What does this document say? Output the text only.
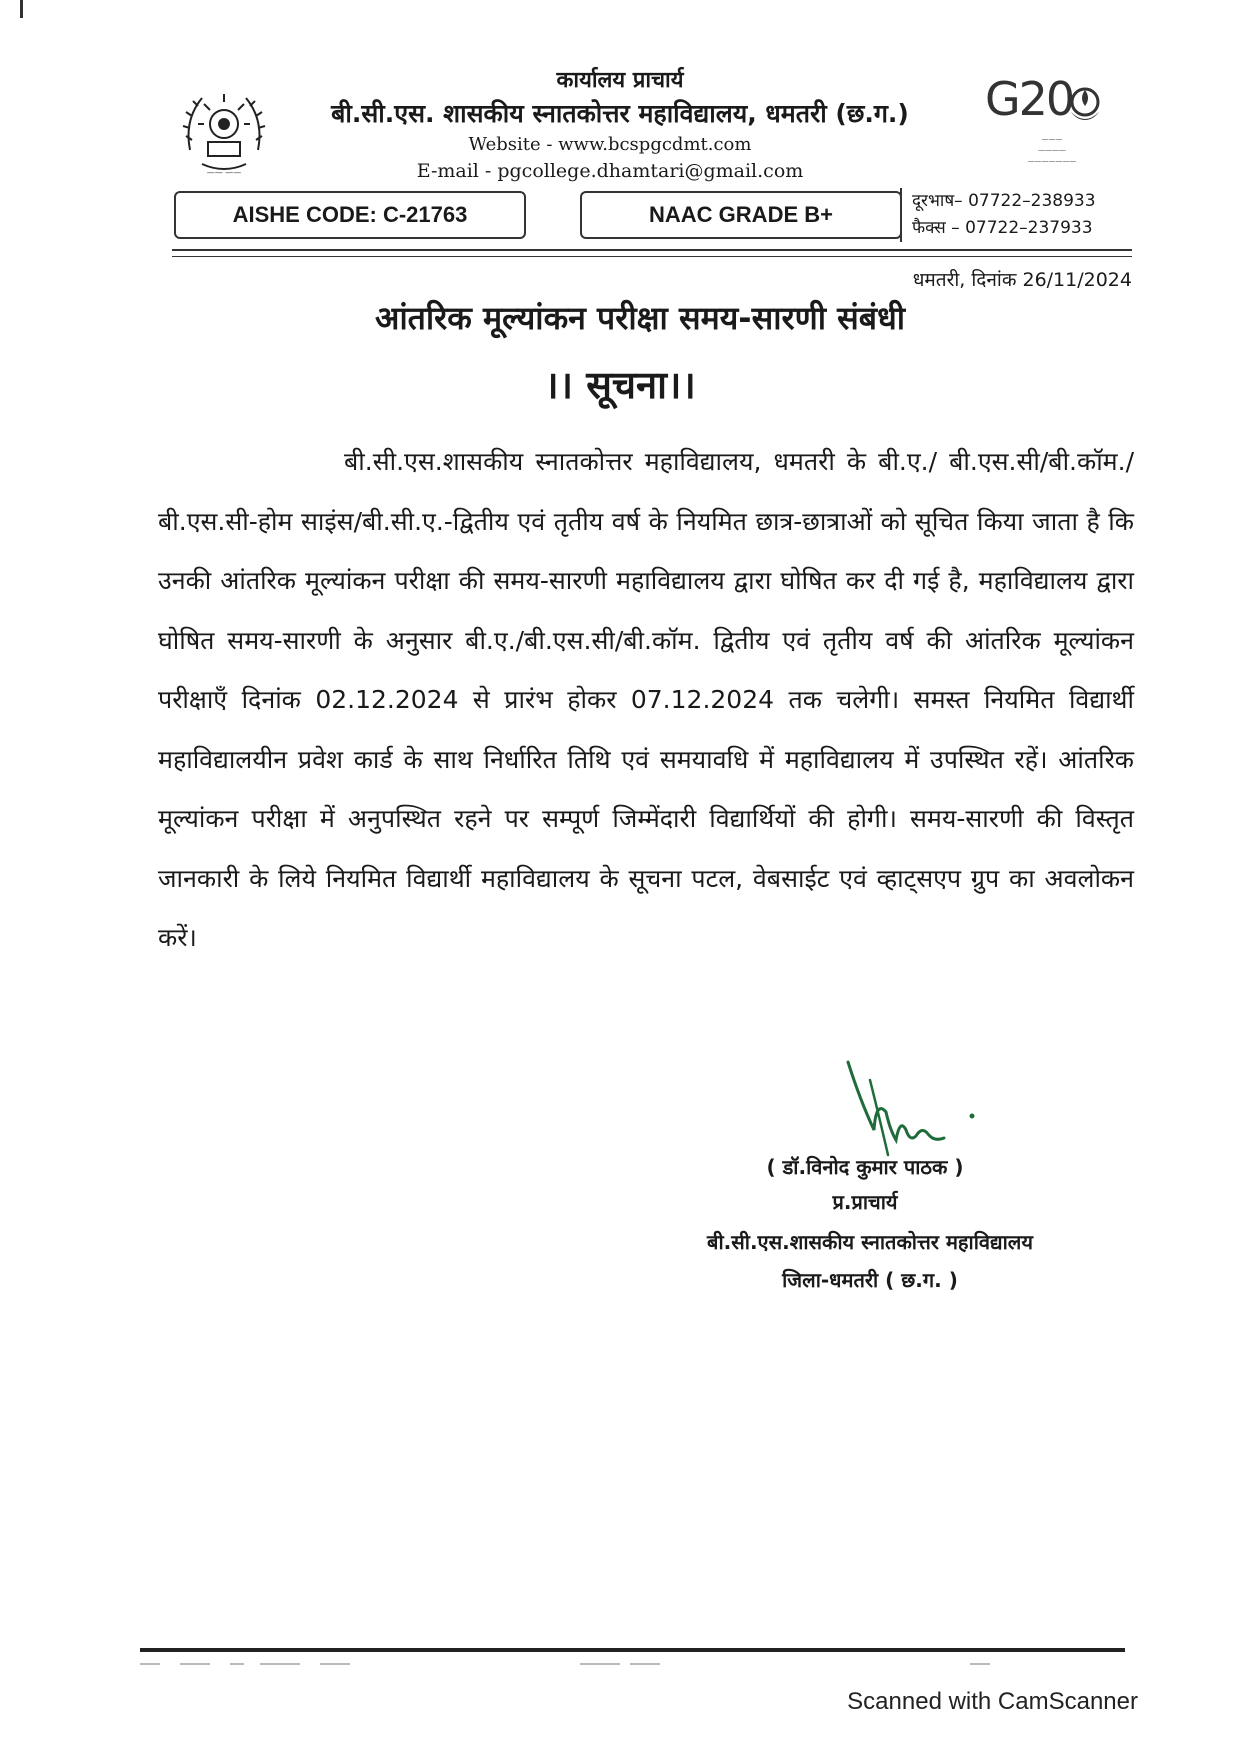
—— ——
कार्यालय प्राचार्य
बी.सी.एस. शासकीय स्नातकोत्तर महाविद्यालय, धमतरी (छ.ग.)
Website - www.bcspgcdmt.com
E-mail - pgcollege.dhamtari@gmail.com
G20
———
————
———————
AISHE CODE: C-21763	NAAC GRADE B+
दूरभाष– 07722–238933
फैक्स – 07722–237933
धमतरी, दिनांक 26/11/2024
आंतरिक मूल्यांकन परीक्षा समय-सारणी संबंधी
।। सूचना।।
बी.सी.एस.शासकीय स्नातकोत्तर महाविद्यालय, धमतरी के बी.ए./ बी.एस.सी/बी.कॉम./बी.एस.सी-होम साइंस/बी.सी.ए.-द्वितीय एवं तृतीय वर्ष के नियमित छात्र-छात्राओं को सूचित किया जाता है कि उनकी आंतरिक मूल्यांकन परीक्षा की समय-सारणी महाविद्यालय द्वारा घोषित कर दी गई है, महाविद्यालय द्वारा घोषित समय-सारणी के अनुसार बी.ए./बी.एस.सी/बी.कॉम. द्वितीय एवं तृतीय वर्ष की आंतरिक मूल्यांकन परीक्षाएँ दिनांक 02.12.2024 से प्रारंभ होकर 07.12.2024 तक चलेगी। समस्त नियमित विद्यार्थी महाविद्यालयीन प्रवेश कार्ड के साथ निर्धारित तिथि एवं समयावधि में महाविद्यालय में उपस्थित रहें। आंतरिक मूल्यांकन परीक्षा में अनुपस्थित रहने पर सम्पूर्ण जिम्मेंदारी विद्यार्थियों की होगी। समय-सारणी की विस्तृत जानकारी के लिये नियमित विद्यार्थी महाविद्यालय के सूचना पटल, वेबसाईट एवं व्हाट्सएप ग्रुप का अवलोकन करें।
( डॉ.विनोद कुमार पाठक )
प्र.प्राचार्य
बी.सी.एस.शासकीय स्नातकोत्तर महाविद्यालय
जिला-धमतरी ( छ.ग. )
Scanned with CamScanner
